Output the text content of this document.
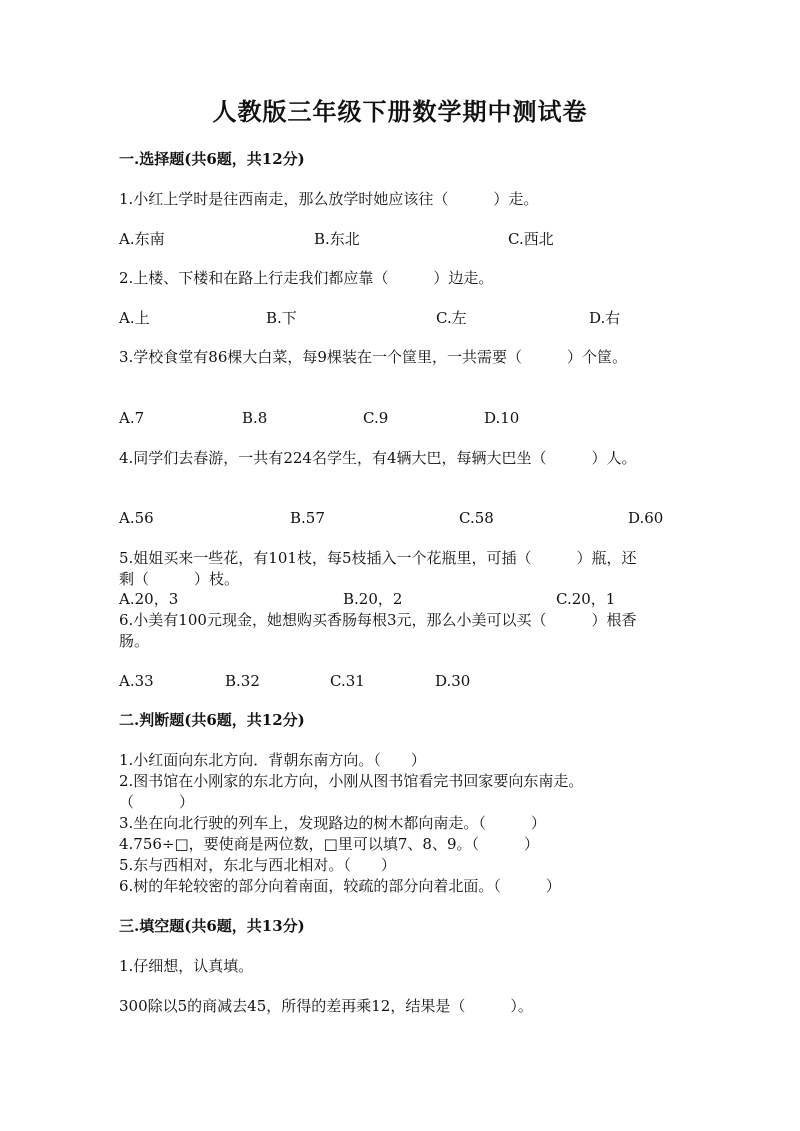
人教版三年级下册数学期中测试卷
一.选择题(共6题，共12分)
1.小红上学时是往西南走，那么放学时她应该往（　　　）走。
A.东南	B.东北	C.西北
2.上楼、下楼和在路上行走我们都应靠（　　　）边走。
A.上	B.下	C.左	D.右
3.学校食堂有86棵大白菜，每9棵装在一个筐里，一共需要（　　　）个筐。
A.7	B.8	C.9	D.10
4.同学们去春游，一共有224名学生，有4辆大巴，每辆大巴坐（　　　）人。
A.56	B.57	C.58	D.60
5.姐姐买来一些花，有101枝，每5枝插入一个花瓶里，可插（　　　）瓶，还
剩（　　　）枝。
A.20，3	B.20，2	C.20，1
6.小美有100元现金，她想购买香肠每根3元，那么小美可以买（　　　）根香
肠。
A.33	B.32	C.31	D.30
二.判断题(共6题，共12分)
1.小红面向东北方向．背朝东南方向。（　　）
2.图书馆在小刚家的东北方向，小刚从图书馆看完书回家要向东南走。
（　　　）
3.坐在向北行驶的列车上，发现路边的树木都向南走。（　　　）
4.756÷□，要使商是两位数，□里可以填7、8、9。（　　　）
5.东与西相对，东北与西北相对。（　　）
6.树的年轮较密的部分向着南面，较疏的部分向着北面。（　　　）
三.填空题(共6题，共13分)
1.仔细想，认真填。
300除以5的商减去45，所得的差再乘12，结果是（　　　）。
